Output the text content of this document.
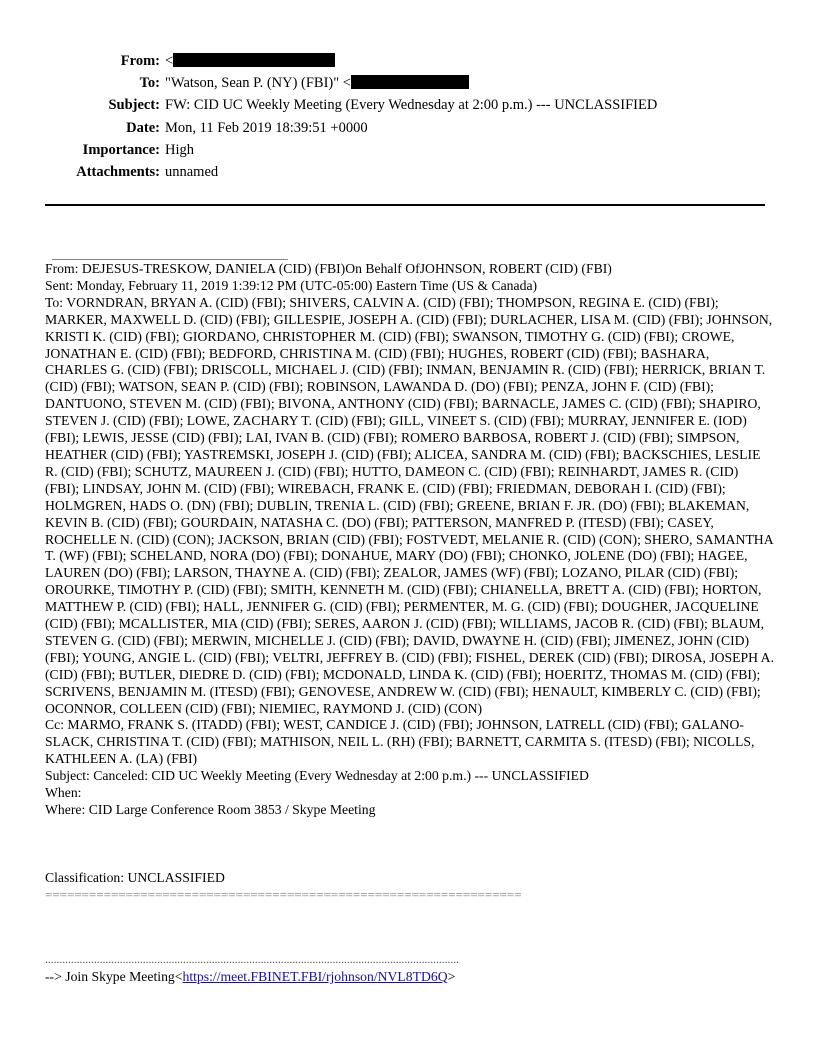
From: <
To: "Watson, Sean P. (NY) (FBI)" <
Subject: FW: CID UC Weekly Meeting (Every Wednesday at 2:00 p.m.) --- UNCLASSIFIED
Date: Mon, 11 Feb 2019 18:39:51 +0000
Importance: High
Attachments: unnamed

From: DEJESUS-TRESKOW, DANIELA (CID) (FBI)On Behalf OfJOHNSON, ROBERT (CID) (FBI)

Sent: Monday, February 11, 2019 1:39:12 PM (UTC-05:00) Eastern Time (US & Canada)

To: VORNDRAN, BRYAN A. (CID) (FBI); SHIVERS, CALVIN A. (CID) (FBI); THOMPSON, REGINA E. (CID) (FBI); MARKER, MAXWELL D. (CID) (FBI); GILLESPIE, JOSEPH A. (CID) (FBI); DURLACHER, LISA M. (CID) (FBI); JOHNSON, KRISTI K. (CID) (FBI); GIORDANO, CHRISTOPHER M. (CID) (FBI); SWANSON, TIMOTHY G. (CID) (FBI); CROWE, JONATHAN E. (CID) (FBI); BEDFORD, CHRISTINA M. (CID) (FBI); HUGHES, ROBERT (CID) (FBI); BASHARA, CHARLES G. (CID) (FBI); DRISCOLL, MICHAEL J. (CID) (FBI); INMAN, BENJAMIN R. (CID) (FBI); HERRICK, BRIAN T. (CID) (FBI); WATSON, SEAN P. (CID) (FBI); ROBINSON, LAWANDA D. (DO) (FBI); PENZA, JOHN F. (CID) (FBI); DANTUONO, STEVEN M. (CID) (FBI); BIVONA, ANTHONY (CID) (FBI); BARNACLE, JAMES C. (CID) (FBI); SHAPIRO, STEVEN J. (CID) (FBI); LOWE, ZACHARY T. (CID) (FBI); GILL, VINEET S. (CID) (FBI); MURRAY, JENNIFER E. (IOD) (FBI); LEWIS, JESSE (CID) (FBI); LAI, IVAN B. (CID) (FBI); ROMERO BARBOSA, ROBERT J. (CID) (FBI); SIMPSON, HEATHER (CID) (FBI); YASTREMSKI, JOSEPH J. (CID) (FBI); ALICEA, SANDRA M. (CID) (FBI); BACKSCHIES, LESLIE R. (CID) (FBI); SCHUTZ, MAUREEN J. (CID) (FBI); HUTTO, DAMEON C. (CID) (FBI); REINHARDT, JAMES R. (CID) (FBI); LINDSAY, JOHN M. (CID) (FBI); WIREBACH, FRANK E. (CID) (FBI); FRIEDMAN, DEBORAH I. (CID) (FBI); HOLMGREN, HADS O. (DN) (FBI); DUBLIN, TRENIA L. (CID) (FBI); GREENE, BRIAN F. JR. (DO) (FBI); BLAKEMAN, KEVIN B. (CID) (FBI); GOURDAIN, NATASHA C. (DO) (FBI); PATTERSON, MANFRED P. (ITESD) (FBI); CASEY, ROCHELLE N. (CID) (CON); JACKSON, BRIAN (CID) (FBI); FOSTVEDT, MELANIE R. (CID) (CON); SHERO, SAMANTHA T. (WF) (FBI); SCHELAND, NORA (DO) (FBI); DONAHUE, MARY (DO) (FBI); CHONKO, JOLENE (DO) (FBI); HAGEE, LAUREN (DO) (FBI); LARSON, THAYNE A. (CID) (FBI); ZEALOR, JAMES (WF) (FBI); LOZANO, PILAR (CID) (FBI); OROURKE, TIMOTHY P. (CID) (FBI); SMITH, KENNETH M. (CID) (FBI); CHIANELLA, BRETT A. (CID) (FBI); HORTON, MATTHEW P. (CID) (FBI); HALL, JENNIFER G. (CID) (FBI); PERMENTER, M. G. (CID) (FBI); DOUGHER, JACQUELINE (CID) (FBI); MCALLISTER, MIA (CID) (FBI); SERES, AARON J. (CID) (FBI); WILLIAMS, JACOB R. (CID) (FBI); BLAUM, STEVEN G. (CID) (FBI); MERWIN, MICHELLE J. (CID) (FBI); DAVID, DWAYNE H. (CID) (FBI); JIMENEZ, JOHN (CID) (FBI); YOUNG, ANGIE L. (CID) (FBI); VELTRI, JEFFREY B. (CID) (FBI); FISHEL, DEREK (CID) (FBI); DIROSA, JOSEPH A. (CID) (FBI); BUTLER, DIEDRE D. (CID) (FBI); MCDONALD, LINDA K. (CID) (FBI); HOERITZ, THOMAS M. (CID) (FBI); SCRIVENS, BENJAMIN M. (ITESD) (FBI); GENOVESE, ANDREW W. (CID) (FBI); HENAULT, KIMBERLY C. (CID) (FBI); OCONNOR, COLLEEN (CID) (FBI); NIEMIEC, RAYMOND J. (CID) (CON)

Cc: MARMO, FRANK S. (ITADD) (FBI); WEST, CANDICE J. (CID) (FBI); JOHNSON, LATRELL (CID) (FBI); GALANO-SLACK, CHRISTINA T. (CID) (FBI); MATHISON, NEIL L. (RH) (FBI); BARNETT, CARMITA S. (ITESD) (FBI); NICOLLS, KATHLEEN A. (LA) (FBI)

Subject: Canceled: CID UC Weekly Meeting (Every Wednesday at 2:00 p.m.) --- UNCLASSIFIED

When:

Where: CID Large Conference Room 3853 / Skype Meeting

Classification: UNCLASSIFIED

=================================================================

................................................................................................................................................

--> Join Skype Meeting<https://meet.FBINET.FBI/rjohnson/NVL8TD6Q>
